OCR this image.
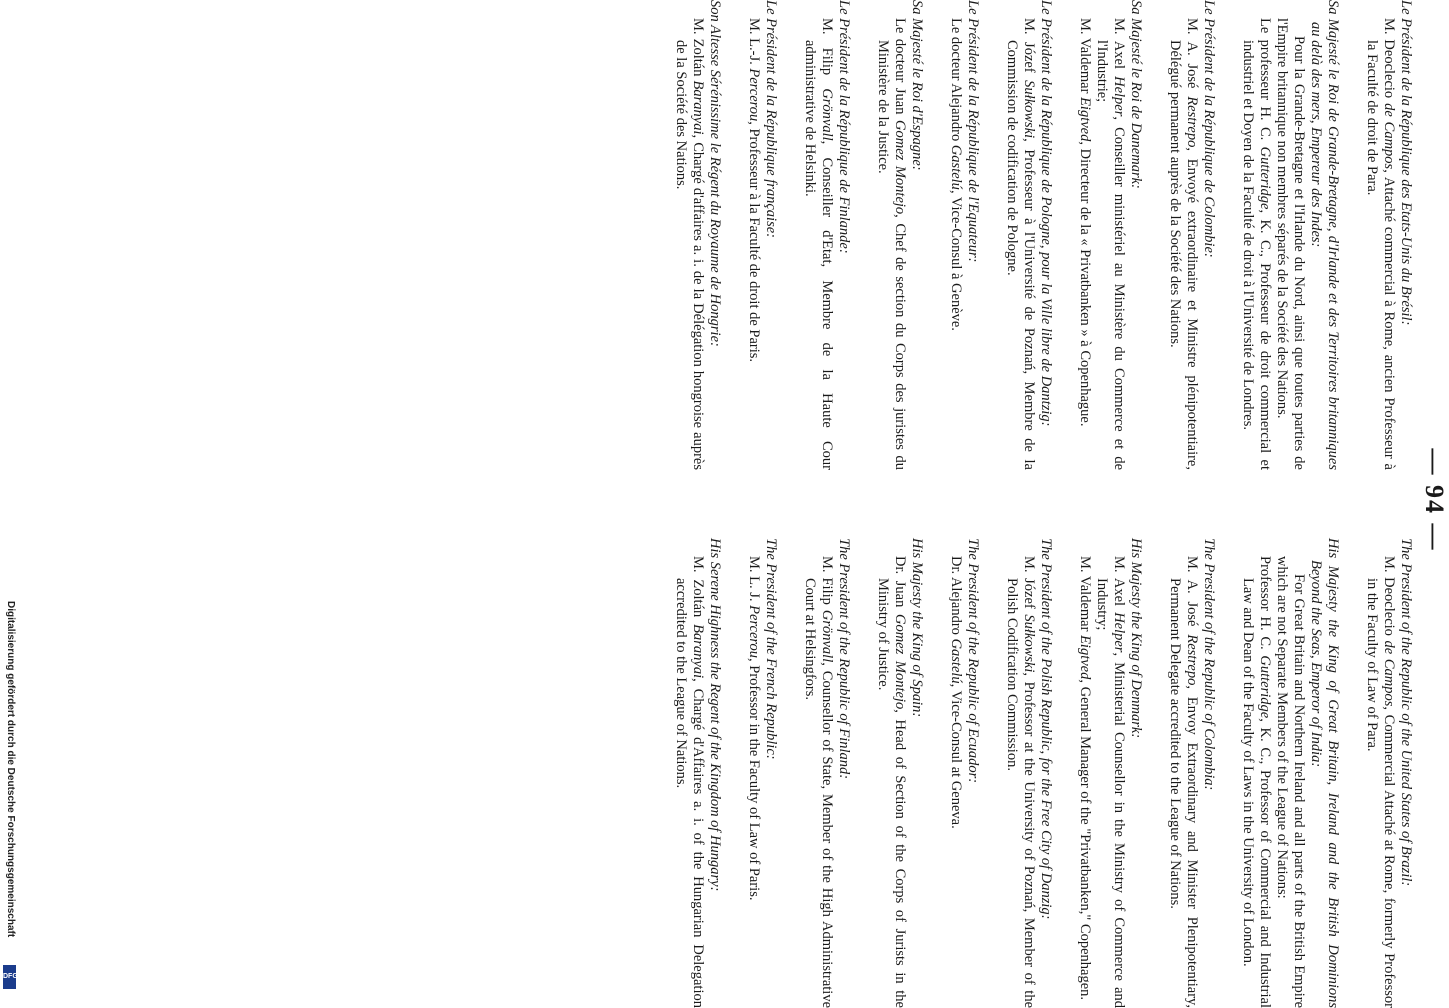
— 94 —

Le Président de la République des Etats-Unis du Brésil:

M. Deoclecio de Campos, Attaché commercial à Rome, ancien Professeur à la Faculté de droit de Para.

Sa Majesté le Roi de Grande-Bretagne, d'Irlande et des Territoires britanniques au delà des mers, Empereur des Indes:

Pour la Grande-Bretagne et l'Irlande du Nord, ainsi que toutes parties de l'Empire britannique non membres séparés de la Société des Nations.

Le professeur H. C. Gutteridge, K. C., Professeur de droit commercial et industriel et Doyen de la Faculté de droit à l'Université de Londres.

Le Président de la République de Colombie:

M. A. José Restrepo, Envoyé extraordinaire et Ministre plénipotentiaire, Délégué permanent auprès de la Société des Nations.

Sa Majesté le Roi de Danemark:

M. Axel Helper, Conseiller ministériel au Ministère du Commerce et de l'Industrie;

M. Valdemar Eigtved, Directeur de la « Privatbanken » à Copenhague.

Le Président de la République de Pologne, pour la Ville libre de Dantzig:

M. Józef Sułkowski, Professeur à l'Université de Poznań, Membre de la Commission de codification de Pologne.

Le Président de la République de l'Equateur:

Le docteur Alejandro Gastelú, Vice-Consul à Genève.

Sa Majesté le Roi d'Espagne:

Le docteur Juan Gomez Montejo, Chef de section du Corps des juristes du Ministère de la Justice.

Le Président de la République de Finlande:

M. Filip Grönvall, Conseiller d'Etat, Membre de la Haute Cour administrative de Helsinki.

Le Président de la République française:

M. L.-J. Percerou, Professeur à la Faculté de droit de Paris.

Son Altesse Sérénissime le Régent du Royaume de Hongrie:

M. Zoltán Baranyai, Chargé d'affaires a. i. de la Délégation hongroise auprès de la Société des Nations.

The President of the Republic of the United States of Brazil:

M. Deoclecio de Campos, Commercial Attaché at Rome, formerly Professor in the Faculty of Law of Para.

His Majesty the King of Great Britain, Ireland and the British Dominions Beyond the Seas, Emperor of India:

For Great Britain and Northern Ireland and all parts of the British Empire which are not Separate Members of the League of Nations:

Professor H. C. Gutteridge, K. C., Professor of Commercial and Industrial Law and Dean of the Faculty of Laws in the University of London.

The President of the Republic of Colombia:

M. A. José Restrepo, Envoy Extraordinary and Minister Plenipotentiary, Permanent Delegate accredited to the League of Nations.

His Majesty the King of Denmark:

M. Axel Helper, Ministerial Counsellor in the Ministry of Commerce and Industry;

M. Valdemar Eigtved, General Manager of the "Privatbanken," Copenhagen.

The President of the Polish Republic, for the Free City of Danzig:

M. Józef Sułkowski, Professor at the University of Poznań, Member of the Polish Codification Commission.

The President of the Republic of Ecuador:

Dr. Alejandro Gastelú, Vice-Consul at Geneva.

His Majesty the King of Spain:

Dr. Juan Gomez Montejo, Head of Section of the Corps of Jurists in the Ministry of Justice.

The President of the Republic of Finland:

M. Filip Grönvall, Counsellor of State, Member of the High Administrative Court at Helsingfors.

The President of the French Republic:

M. L. J. Percerou, Professor in the Faculty of Law of Paris.

His Serene Highness the Regent of the Kingdom of Hungary:

M. Zoltán Baranyai, Chargé d'Affaires a. i. of the Hungarian Delegation accredited to the League of Nations.

Digitalisierung gefördert durch die Deutsche Forschungsgemeinschaft
DFG
